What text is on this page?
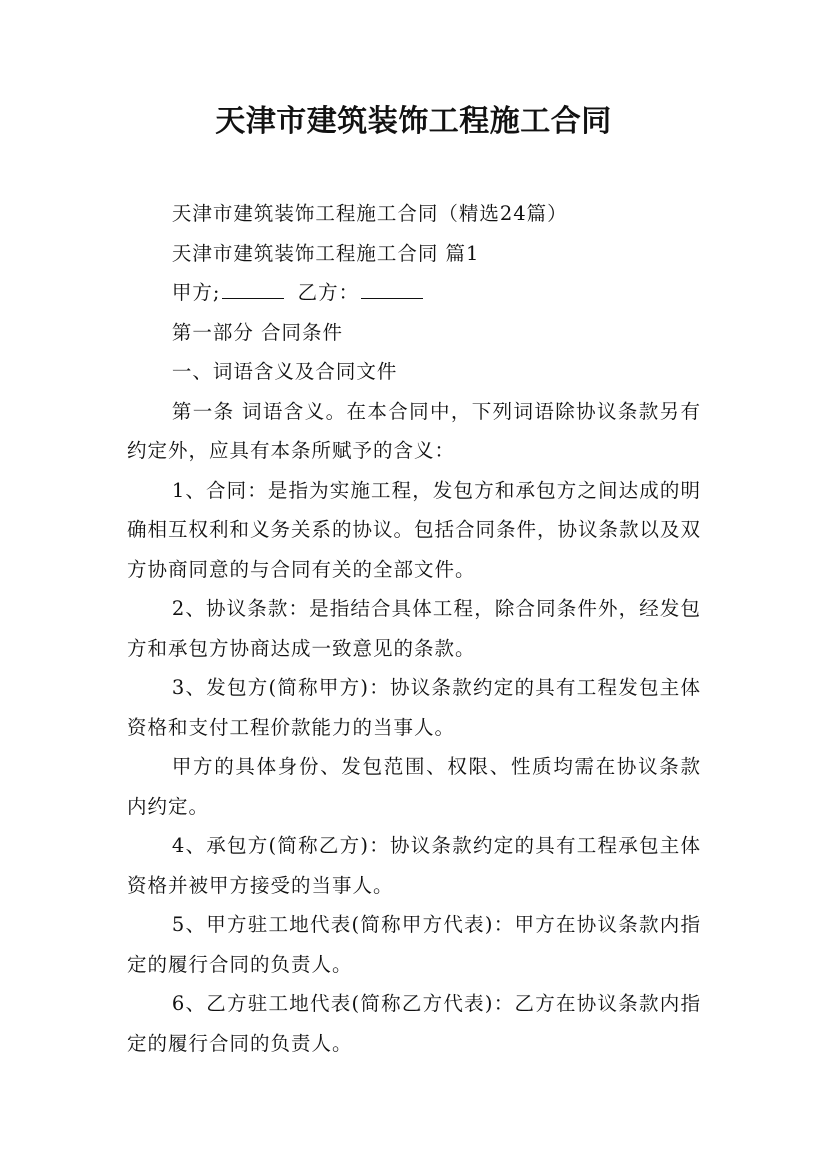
天津市建筑装饰工程施工合同

天津市建筑装饰工程施工合同（精选24篇）

天津市建筑装饰工程施工合同 篇1

甲方;	乙方：

第一部分 合同条件

一、词语含义及合同文件

第一条 词语含义。在本合同中，下列词语除协议条款另有约定外，应具有本条所赋予的含义：

1、合同：是指为实施工程，发包方和承包方之间达成的明确相互权利和义务关系的协议。包括合同条件，协议条款以及双方协商同意的与合同有关的全部文件。

2、协议条款：是指结合具体工程，除合同条件外，经发包方和承包方协商达成一致意见的条款。

3、发包方(简称甲方)：协议条款约定的具有工程发包主体资格和支付工程价款能力的当事人。

甲方的具体身份、发包范围、权限、性质均需在协议条款内约定。

4、承包方(简称乙方)：协议条款约定的具有工程承包主体资格并被甲方接受的当事人。

5、甲方驻工地代表(简称甲方代表)：甲方在协议条款内指定的履行合同的负责人。

6、乙方驻工地代表(简称乙方代表)：乙方在协议条款内指定的履行合同的负责人。
